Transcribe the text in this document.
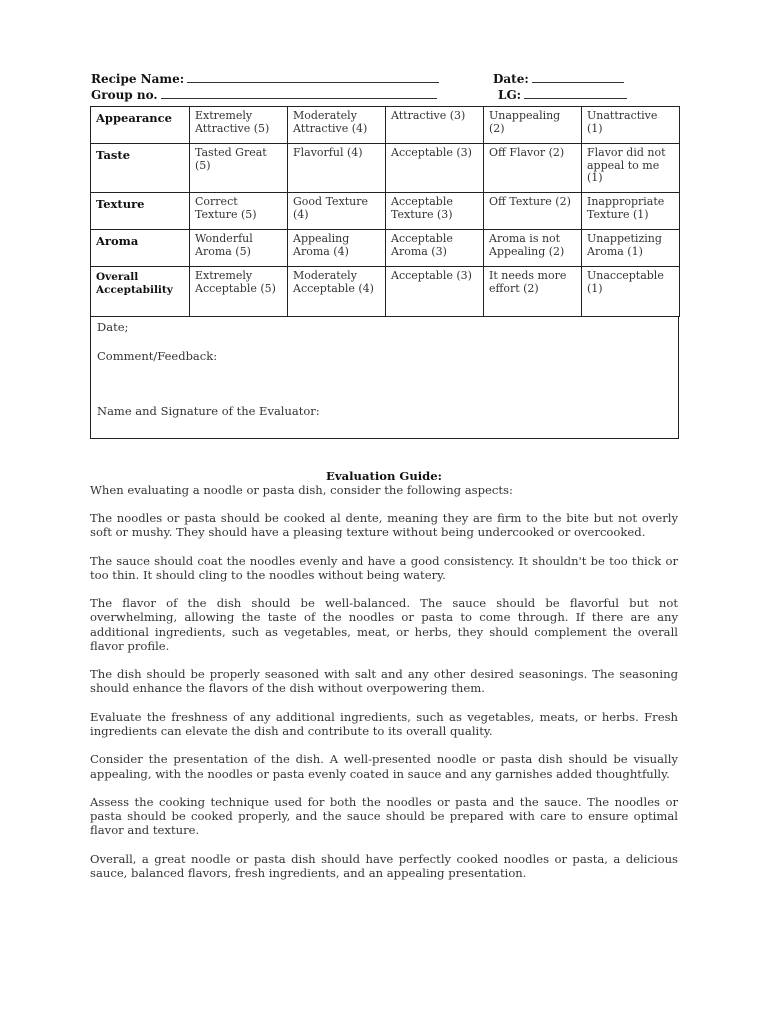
Recipe Name:	Date:
Group no.	LG:
Appearance	Extremely Attractive (5)	Moderately Attractive (4)	Attractive (3)	Unappealing (2)	Unattractive (1)
Taste	Tasted Great (5)	Flavorful (4)	Acceptable (3)	Off Flavor (2)	Flavor did not appeal to me (1)
Texture	Correct Texture (5)	Good Texture (4)	Acceptable Texture (3)	Off Texture (2)	Inappropriate Texture (1)
Aroma	Wonderful Aroma (5)	Appealing Aroma (4)	Acceptable Aroma (3)	Aroma is not Appealing (2)	Unappetizing Aroma (1)
Overall Acceptability	Extremely Acceptable (5)	Moderately Acceptable (4)	Acceptable (3)	It needs more effort (2)	Unacceptable (1)
Date;
Comment/Feedback:
Name and Signature of the Evaluator:
Evaluation Guide:
When evaluating a noodle or pasta dish, consider the following aspects:

The noodles or pasta should be cooked al dente, meaning they are firm to the bite but not overly soft or mushy. They should have a pleasing texture without being undercooked or overcooked.

The sauce should coat the noodles evenly and have a good consistency. It shouldn't be too thick or too thin. It should cling to the noodles without being watery.

The flavor of the dish should be well-balanced. The sauce should be flavorful but not overwhelming, allowing the taste of the noodles or pasta to come through. If there are any additional ingredients, such as vegetables, meat, or herbs, they should complement the overall flavor profile.

The dish should be properly seasoned with salt and any other desired seasonings. The seasoning should enhance the flavors of the dish without overpowering them.

Evaluate the freshness of any additional ingredients, such as vegetables, meats, or herbs. Fresh ingredients can elevate the dish and contribute to its overall quality.

Consider the presentation of the dish. A well-presented noodle or pasta dish should be visually appealing, with the noodles or pasta evenly coated in sauce and any garnishes added thoughtfully.

Assess the cooking technique used for both the noodles or pasta and the sauce. The noodles or pasta should be cooked properly, and the sauce should be prepared with care to ensure optimal flavor and texture.

Overall, a great noodle or pasta dish should have perfectly cooked noodles or pasta, a delicious sauce, balanced flavors, fresh ingredients, and an appealing presentation.
